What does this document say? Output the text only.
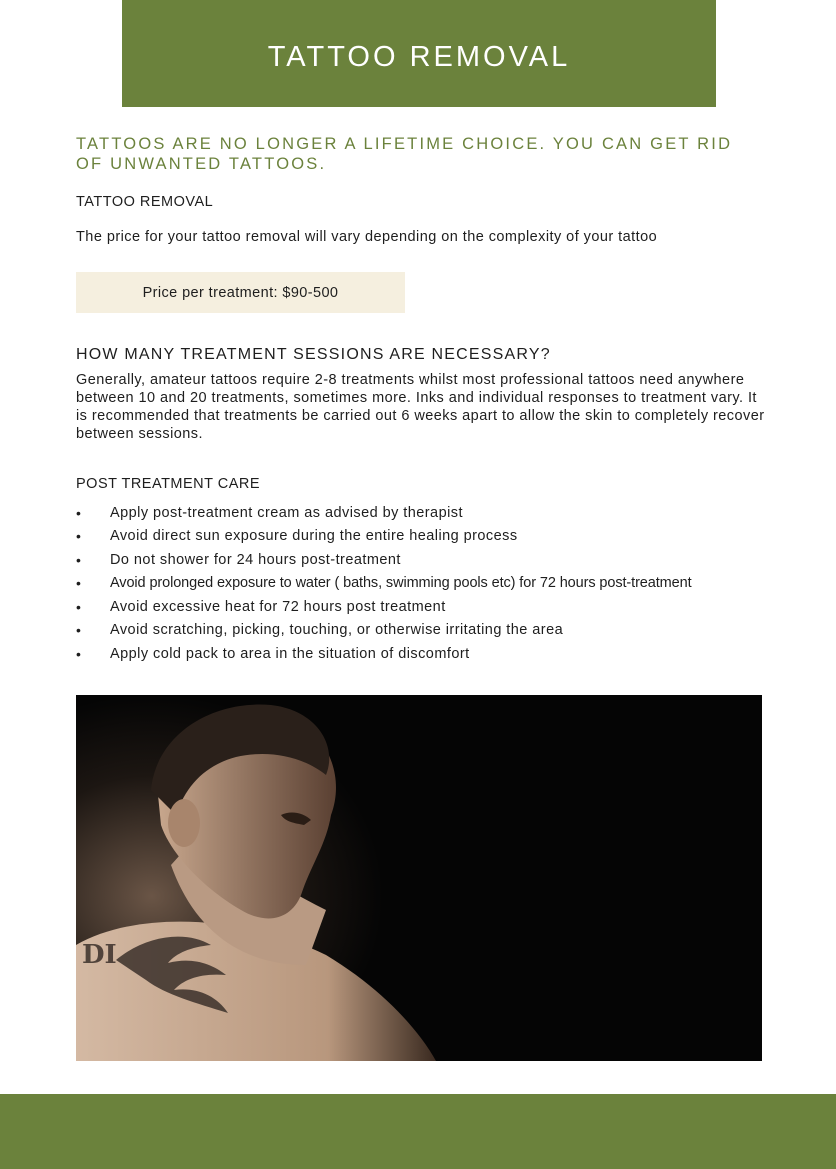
TATTOO REMOVAL

TATTOOS ARE NO LONGER A LIFETIME CHOICE. YOU CAN GET RID OF UNWANTED TATTOOS.

TATTOO REMOVAL

The price for your tattoo removal will vary depending on the complexity of your tattoo

Price per treatment: $90-500
HOW MANY TREATMENT SESSIONS ARE NECESSARY?

Generally, amateur tattoos require 2-8 treatments whilst most professional tattoos need anywhere between 10 and 20 treatments, sometimes more. Inks and individual responses to treatment vary. It is recommended that treatments be carried out 6 weeks apart to allow the skin to completely recover between sessions.

POST TREATMENT CARE
•	Apply post-treatment cream as advised by therapist
•	Avoid direct sun exposure during the entire healing process
•	Do not shower for 24 hours post-treatment
•	Avoid prolonged exposure to water ( baths, swimming pools etc) for 72 hours post-treatment
•	Avoid excessive heat for 72 hours post treatment
•	Avoid scratching, picking, touching, or otherwise irritating the area
•	Apply cold pack to area in the situation of discomfort
DI
